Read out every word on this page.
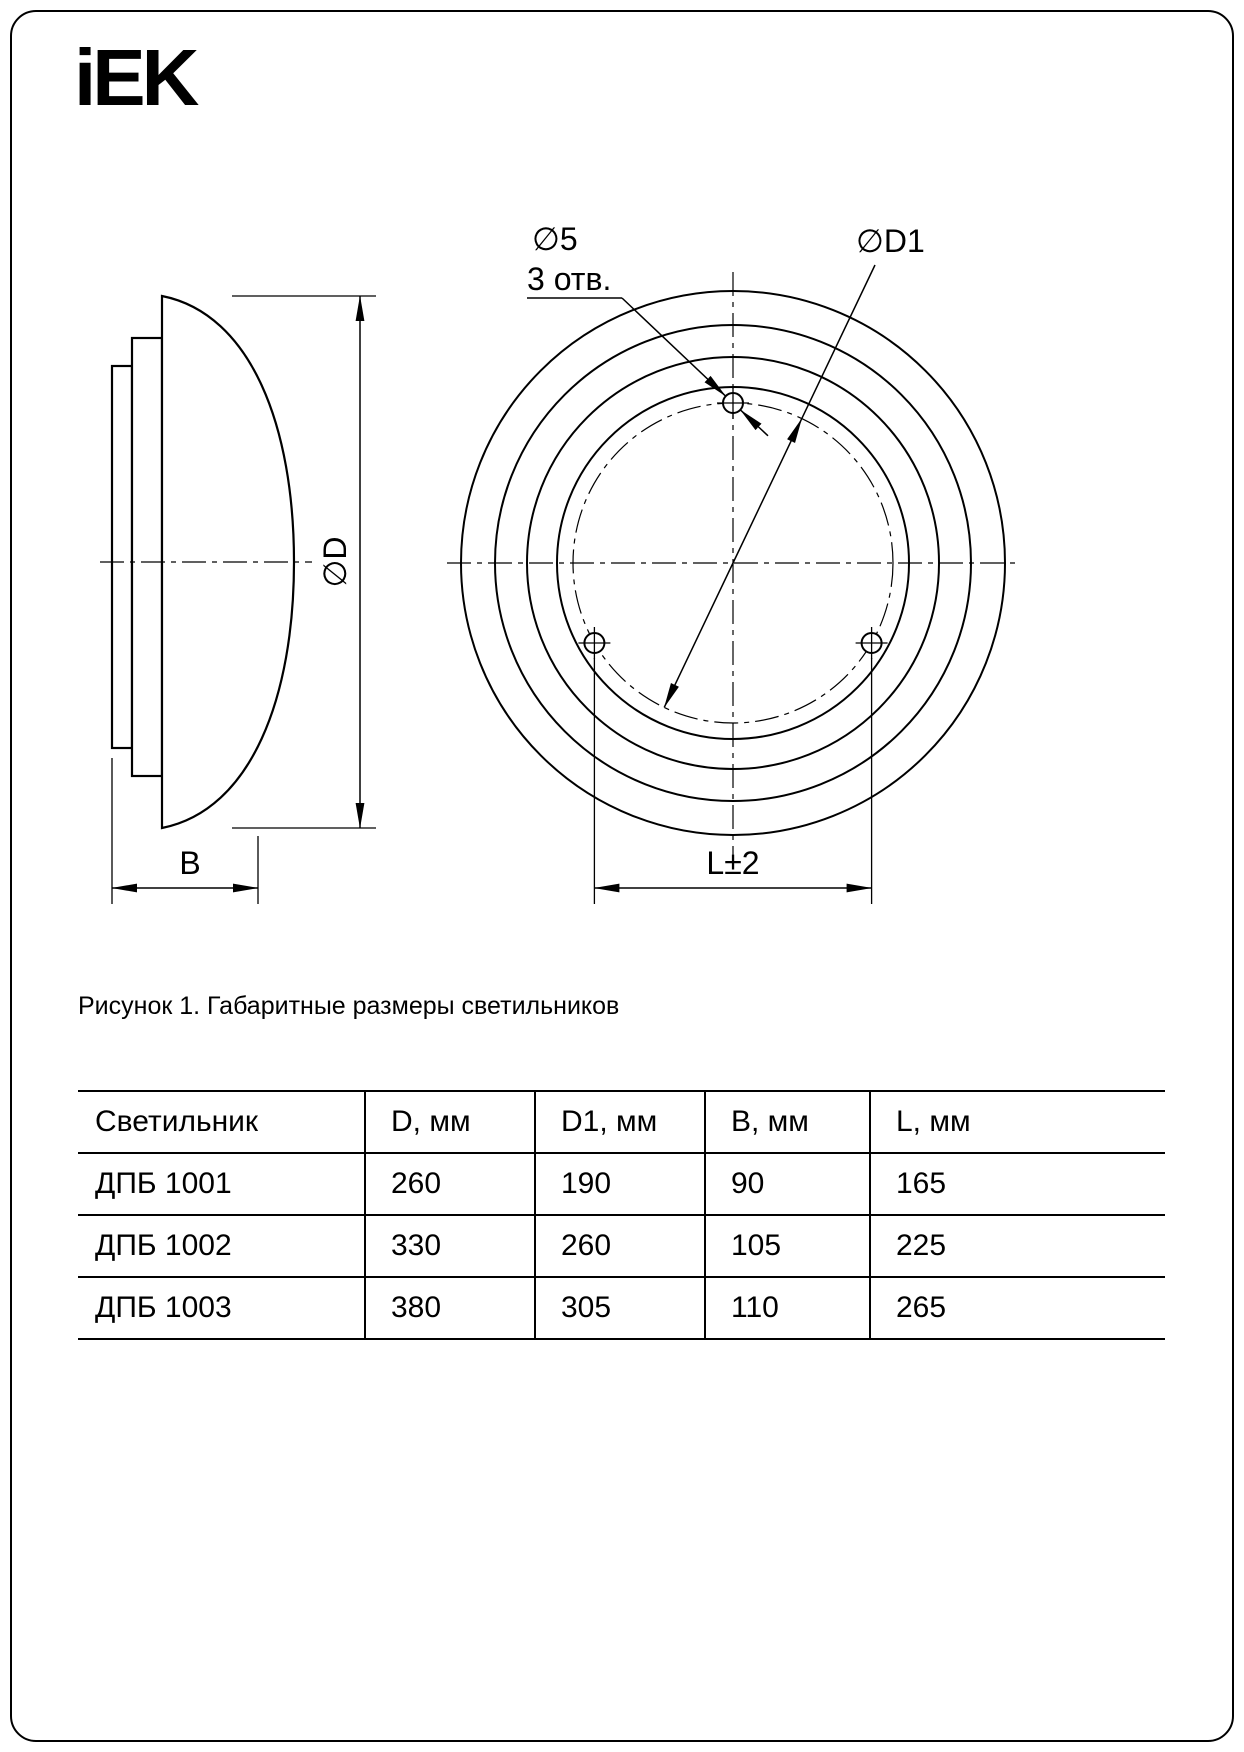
iEK
∅D
B
∅5
3 отв.
∅D1
L±2
Рисунок 1. Габаритные размеры светильников
Светильник	D, мм	D1, мм	B, мм	L, мм
ДПБ 1001	260	190	90	165
ДПБ 1002	330	260	105	225
ДПБ 1003	380	305	110	265
